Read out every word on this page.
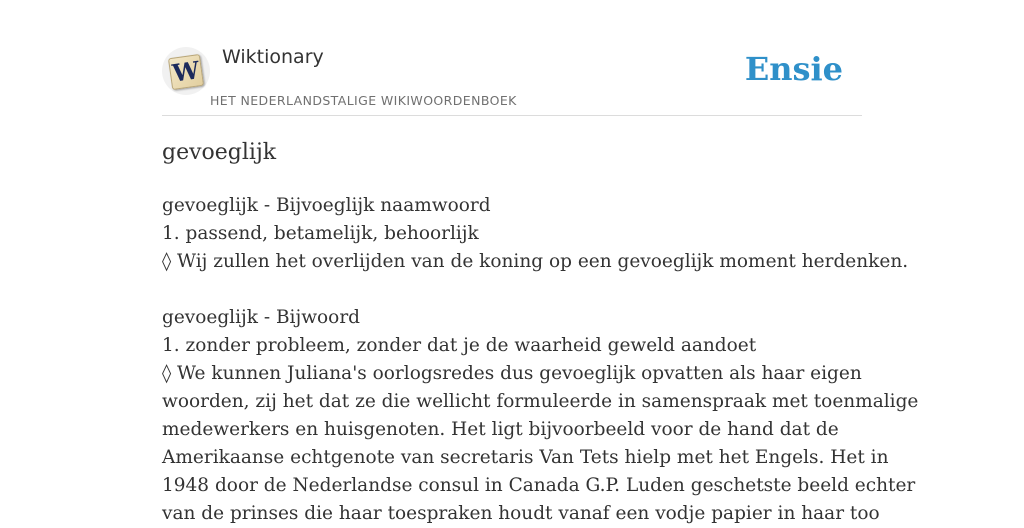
W Wiktionary
HET NEDERLANDSTALIGE WIKIWOORDENBOEK
Ensie
gevoeglijk
gevoeglijk - Bijvoeglijk naamwoord
1. passend, betamelijk, behoorlijk
◊ Wij zullen het overlijden van de koning op een gevoeglijk moment herdenken.
gevoeglijk - Bijwoord
1. zonder probleem, zonder dat je de waarheid geweld aandoet
◊ We kunnen Juliana's oorlogsredes dus gevoeglijk opvatten als haar eigen
woorden, zij het dat ze die wellicht formuleerde in samenspraak met toenmalige
medewerkers en huisgenoten. Het ligt bijvoorbeeld voor de hand dat de
Amerikaanse echtgenote van secretaris Van Tets hielp met het Engels. Het in
1948 door de Nederlandse consul in Canada G.P. Luden geschetste beeld echter
van de prinses die haar toespraken houdt vanaf een vodje papier in haar too
